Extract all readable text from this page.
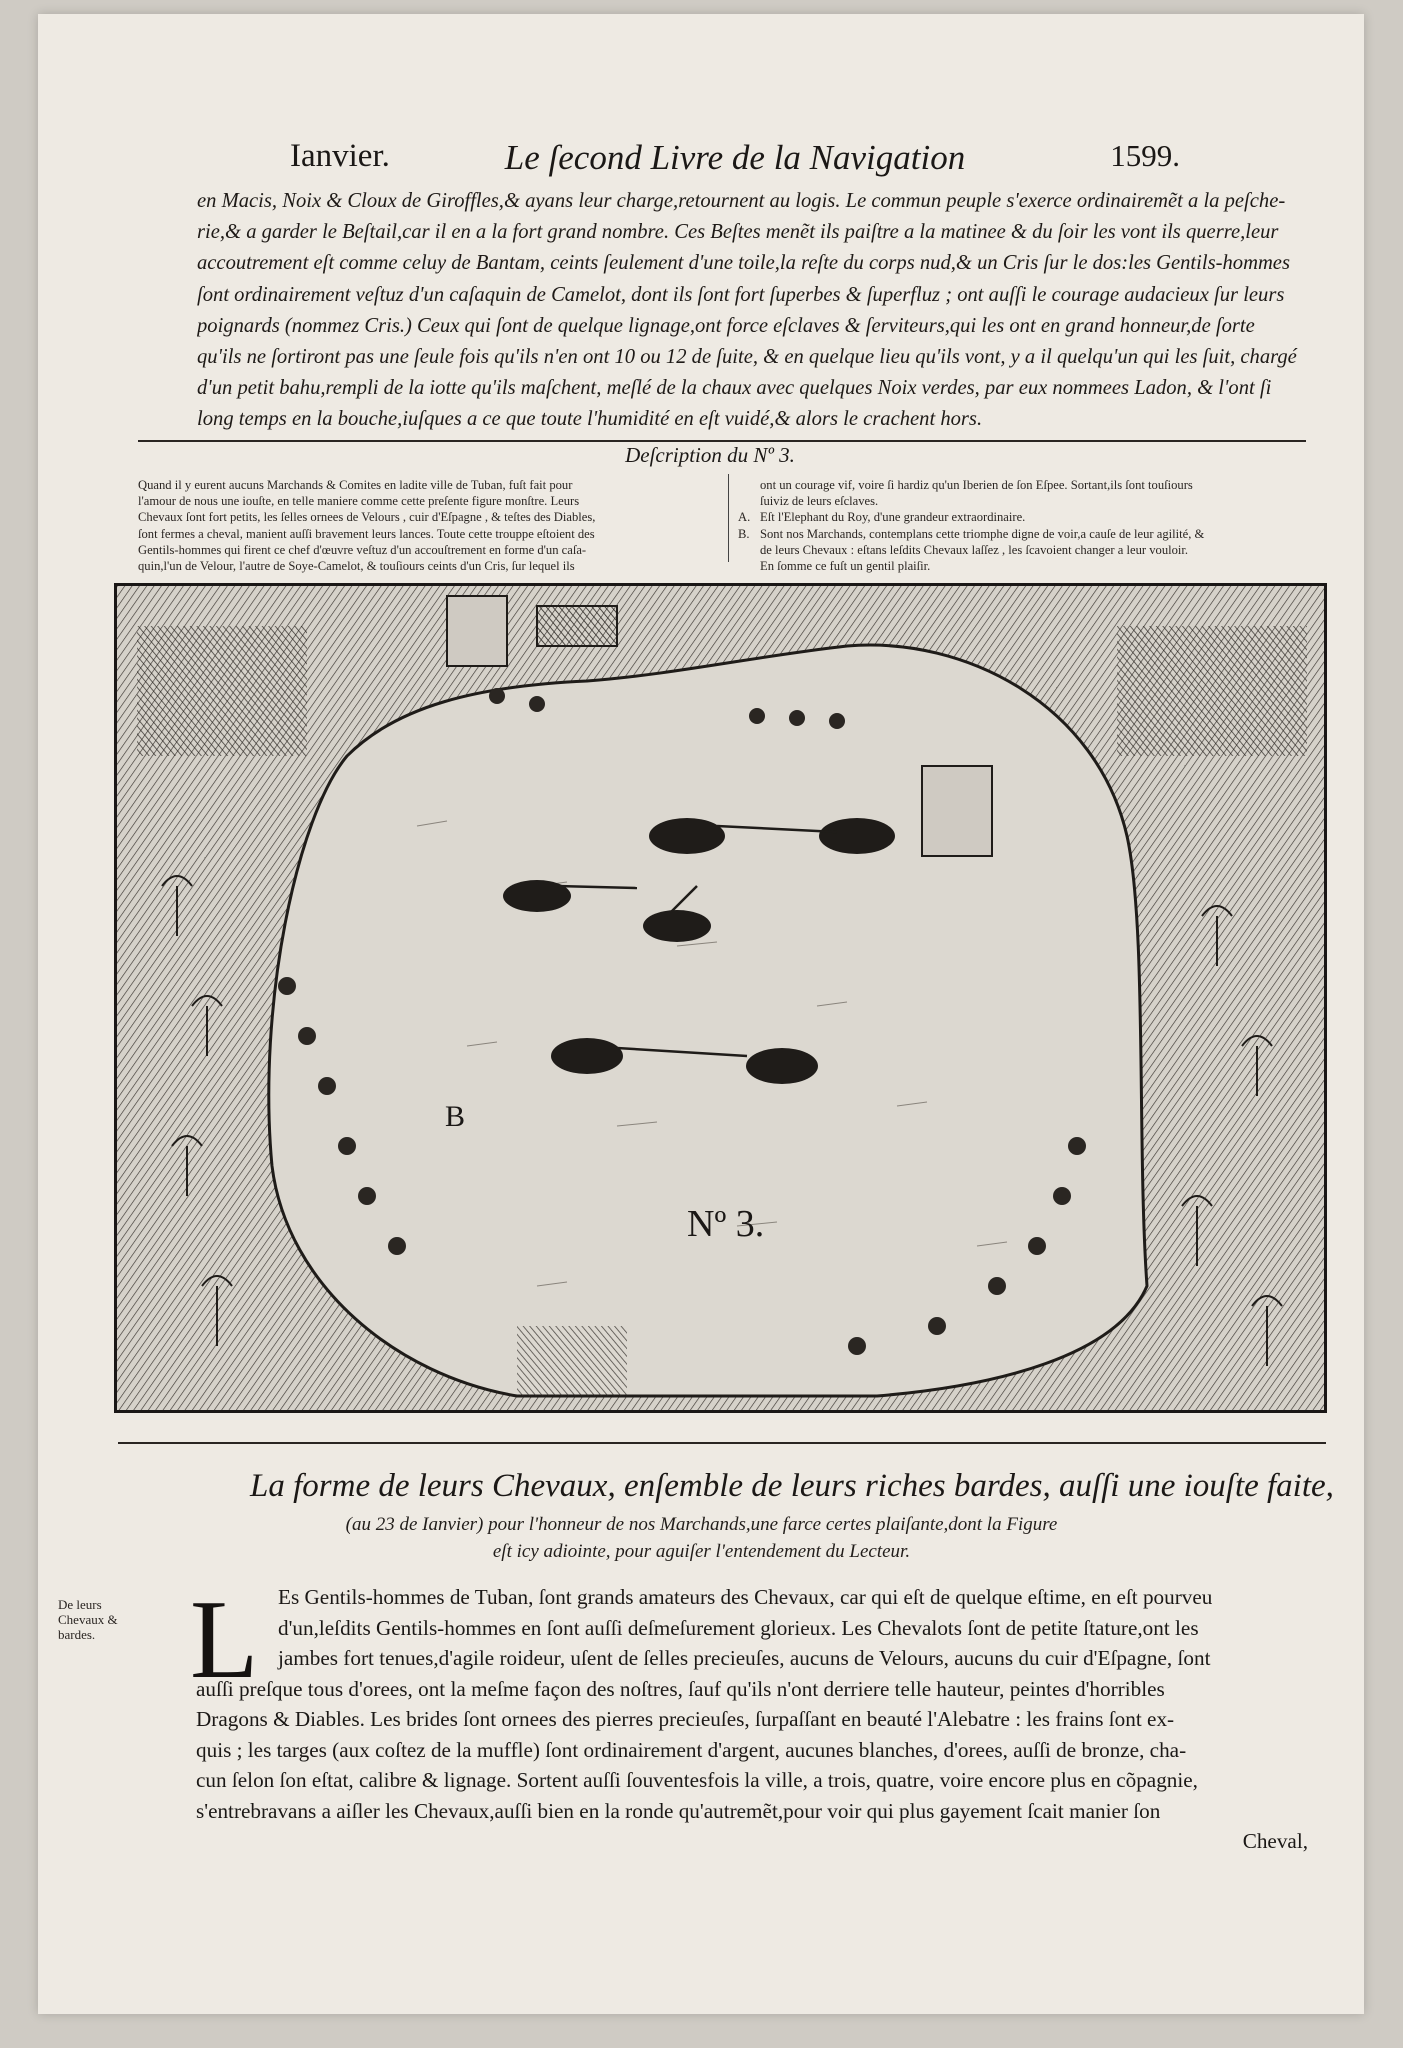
Ianvier.	Le ſecond Livre de la Navigation	1599.
en Macis, Noix & Cloux de Giroffles,& ayans leur charge,retournent au logis. Le commun peuple s'exerce ordinairemẽt a la peſche-
rie,& a garder le Beſtail,car il en a la fort grand nombre. Ces Beſtes menẽt ils paiſtre a la matinee & du ſoir les vont ils querre,leur
accoutrement eſt comme celuy de Bantam, ceints ſeulement d'une toile,la reſte du corps nud,& un Cris ſur le dos:les Gentils-hommes
ſont ordinairement veſtuz d'un caſaquin de Camelot, dont ils ſont fort ſuperbes & ſuperfluz ; ont auſſi le courage audacieux ſur leurs
poignards (nommez Cris.) Ceux qui ſont de quelque lignage,ont force eſclaves & ſerviteurs,qui les ont en grand honneur,de ſorte
qu'ils ne ſortiront pas une ſeule fois qu'ils n'en ont 10 ou 12 de ſuite, & en quelque lieu qu'ils vont, y a il quelqu'un qui les ſuit, chargé
d'un petit bahu,rempli de la iotte qu'ils maſchent, meſlé de la chaux avec quelques Noix verdes, par eux nommees Ladon, & l'ont ſi
long temps en la bouche,iuſques a ce que toute l'humidité en eſt vuidé,& alors le crachent hors.
Deſcription du Nº 3.
Quand il y eurent aucuns Marchands & Comites en ladite ville de Tuban, fuſt fait pour
l'amour de nous une iouſte, en telle maniere comme cette preſente figure monſtre. Leurs
Chevaux ſont fort petits, les ſelles ornees de Velours , cuir d'Eſpagne , & teſtes des Diables,
ſont fermes a cheval, manient auſſi bravement leurs lances. Toute cette trouppe eſtoient des
Gentils-hommes qui firent ce chef d'œuvre veſtuz d'un accouſtrement en forme d'un caſa-
quin,l'un de Velour, l'autre de Soye-Camelot, & touſiours ceints d'un Cris, ſur lequel ils
ont un courage vif, voire ſi hardiz qu'un Iberien de ſon Eſpee. Sortant,ils ſont touſiours
ſuiviz de leurs eſclaves.
A. Eſt l'Elephant du Roy, d'une grandeur extraordinaire.
B. Sont nos Marchands, contemplans cette triomphe digne de voir,a cauſe de leur agilité, &
de leurs Chevaux : eſtans leſdits Chevaux laſſez , les ſcavoient changer a leur vouloir.
En ſomme ce fuſt un gentil plaiſir.
B
Nº 3.
La forme de leurs Chevaux, enſemble de leurs riches bardes, auſſi une iouſte faite,
(au 23 de Ianvier) pour l'honneur de nos Marchands,une farce certes plaiſante,dont la Figure
eſt icy adiointe, pour aguiſer l'entendement du Lecteur.
De leurs
Chevaux &
bardes. L Es Gentils-hommes de Tuban, ſont grands amateurs des Chevaux, car qui eſt de quelque eſtime, en eſt pourveu
d'un,leſdits Gentils-hommes en ſont auſſi deſmeſurement glorieux. Les Chevalots ſont de petite ſtature,ont les
jambes fort tenues,d'agile roideur, uſent de ſelles precieuſes, aucuns de Velours, aucuns du cuir d'Eſpagne, ſont
auſſi preſque tous d'orees, ont la meſme façon des noſtres, ſauf qu'ils n'ont derriere telle hauteur, peintes d'horribles
Dragons & Diables. Les brides ſont ornees des pierres precieuſes, ſurpaſſant en beauté l'Alebatre : les frains ſont ex-
quis ; les targes (aux coſtez de la muffle) ſont ordinairement d'argent, aucunes blanches, d'orees, auſſi de bronze, cha-
cun ſelon ſon eſtat, calibre & lignage. Sortent auſſi ſouventesfois la ville, a trois, quatre, voire encore plus en cõpagnie,
s'entrebravans a aiſler les Chevaux,auſſi bien en la ronde qu'autremẽt,pour voir qui plus gayement ſcait manier ſon
Cheval,
